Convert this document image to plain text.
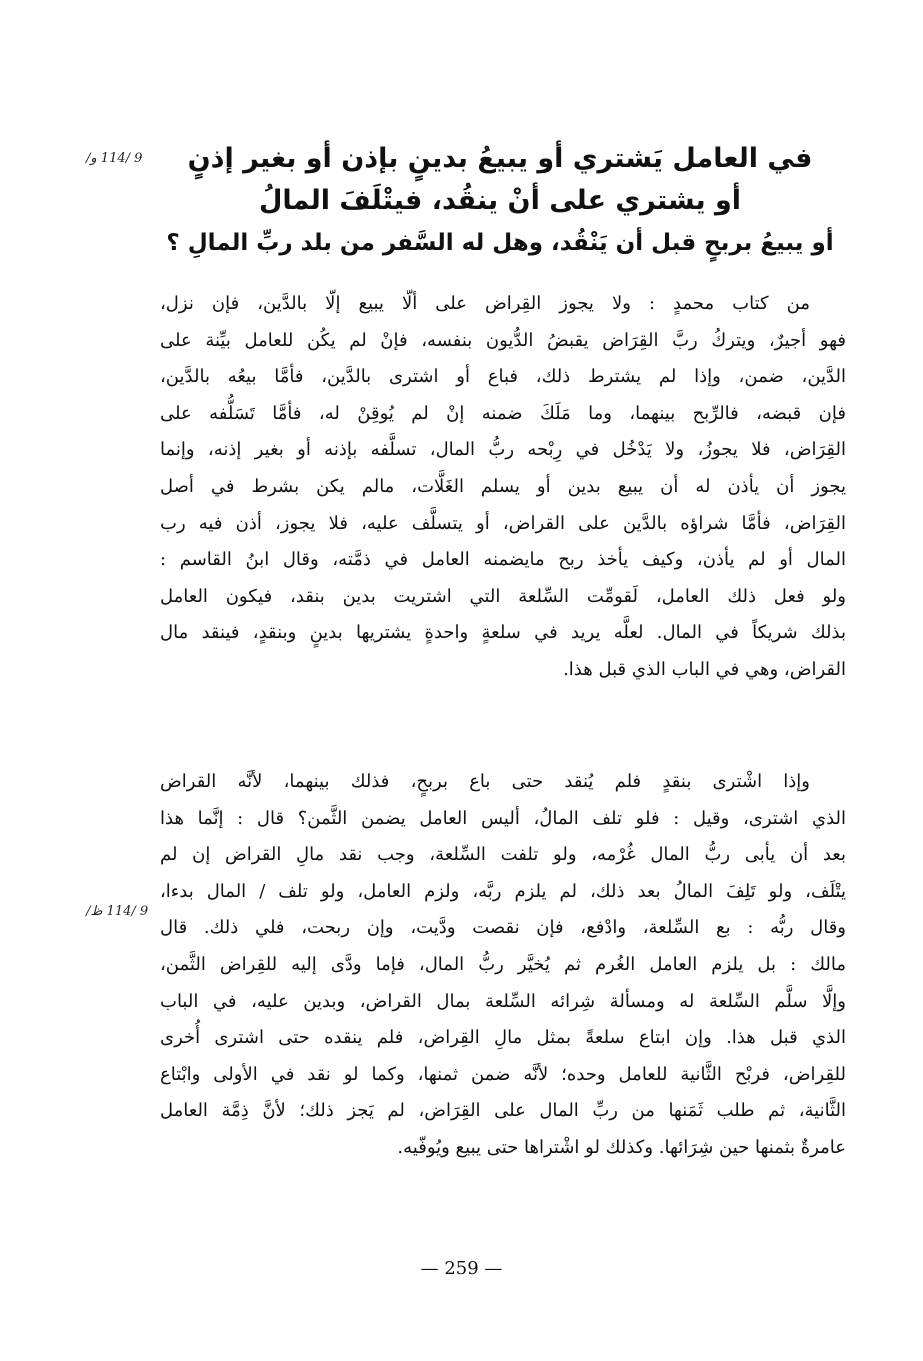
9 /114 و/
9 /114 ظ/
في العامل يَشتري أو يبيعُ بدينٍ بإذن أو بغير إذنٍ
أو يشتري على أنْ ينقُد، فيتْلَفَ المالُ
أو يبيعُ بربحٍ قبل أن يَنْقُد، وهل له السَّفر من بلد ربِّ المالِ ؟
من كتاب محمدٍ : ولا يجوز القِراض على ألّا يبيع إلّا بالدَّين، فإن نزل،
فهو أجيرٌ، ويتركُ ربَّ القِرَاض يقبضُ الدُّيون بنفسه، فإنْ لم يكُن للعامل بيِّنة على
الدَّين، ضمن، وإذا لم يشترط ذلك، فباع أو اشترى بالدَّين، فأمَّا بيعُه بالدَّين،
فإن قبضه، فالرِّبح بينهما، وما مَلَكَ ضمنه إنْ لم يُوقِنْ له، فأمَّا تَسَلُّفه على
القِرَاض، فلا يجوزُ، ولا يَدْخُل في رِبْحه ربُّ المال، تسلَّفه بإذنه أو بغير إذنه، وإنما
يجوز أن يأذن له أن يبيع بدين أو يسلم الغَلَّات، مالم يكن بشرط في أصل
القِرَاض، فأمَّا شراؤه بالدَّين على القراض، أو يتسلَّف عليه، فلا يجوز، أذن فيه رب
المال أو لم يأذن، وكيف يأخذ ربح مايضمنه العامل في ذمَّته، وقال ابنُ القاسم :
ولو فعل ذلك العامل، لَقومِّت السِّلعة التي اشتريت بدين بنقد، فيكون العامل
بذلك شريكاً في المال. لعلَّه يريد في سلعةٍ واحدةٍ يشتريها بدينٍ وبنقدٍ، فينقد مال
القراض، وهي في الباب الذي قبل هذا.
وإذا اشْترى بنقدٍ فلم يُنقد حتى باع بربحٍ، فذلك بينهما، لأنَّه القراض
الذي اشترى، وقيل : فلو تلف المالُ، أليس العامل يضمن الثَّمن؟ قال : إنَّما هذا
بعد أن يأبى ربُّ المال غُرْمه، ولو تلفت السِّلعة، وجب نقد مالِ القراض إن لم
يتْلَف، ولو تَلِفَ المالُ بعد ذلك، لم يلزم ربَّه، ولزم العامل، ولو تلف / المال بدءا،
وقال ربُّه : بع السِّلعة، وادْفع، فإن نقصت ودَّيت، وإن ربحت، فلي ذلك. قال
مالك : بل يلزم العامل الغُرم ثم يُخيَّر ربُّ المال، فإما ودَّى إليه للقِراض الثَّمن،
وإلَّا سلَّم السِّلعة له ومسألة شِرائه السِّلعة بمال القراض، وبدين عليه، في الباب
الذي قبل هذا. وإن ابتاع سلعةً بمثل مالِ القِراض، فلم ينقده حتى اشترى أُخرى
للقِراض، فربْح الثَّانية للعامل وحده؛ لأنَّه ضمن ثمنها، وكما لو نقد في الأولى وابْتاع
الثَّانية، ثم طلب ثَمَنها من ربِّ المال على القِرَاض، لم يَجز ذلك؛ لأنَّ ذِمَّة العامل
عامرةٌ بثمنها حين شِرَائها. وكذلك لو اشْتراها حتى يبيع ويُوفّيه.
— 259 —
